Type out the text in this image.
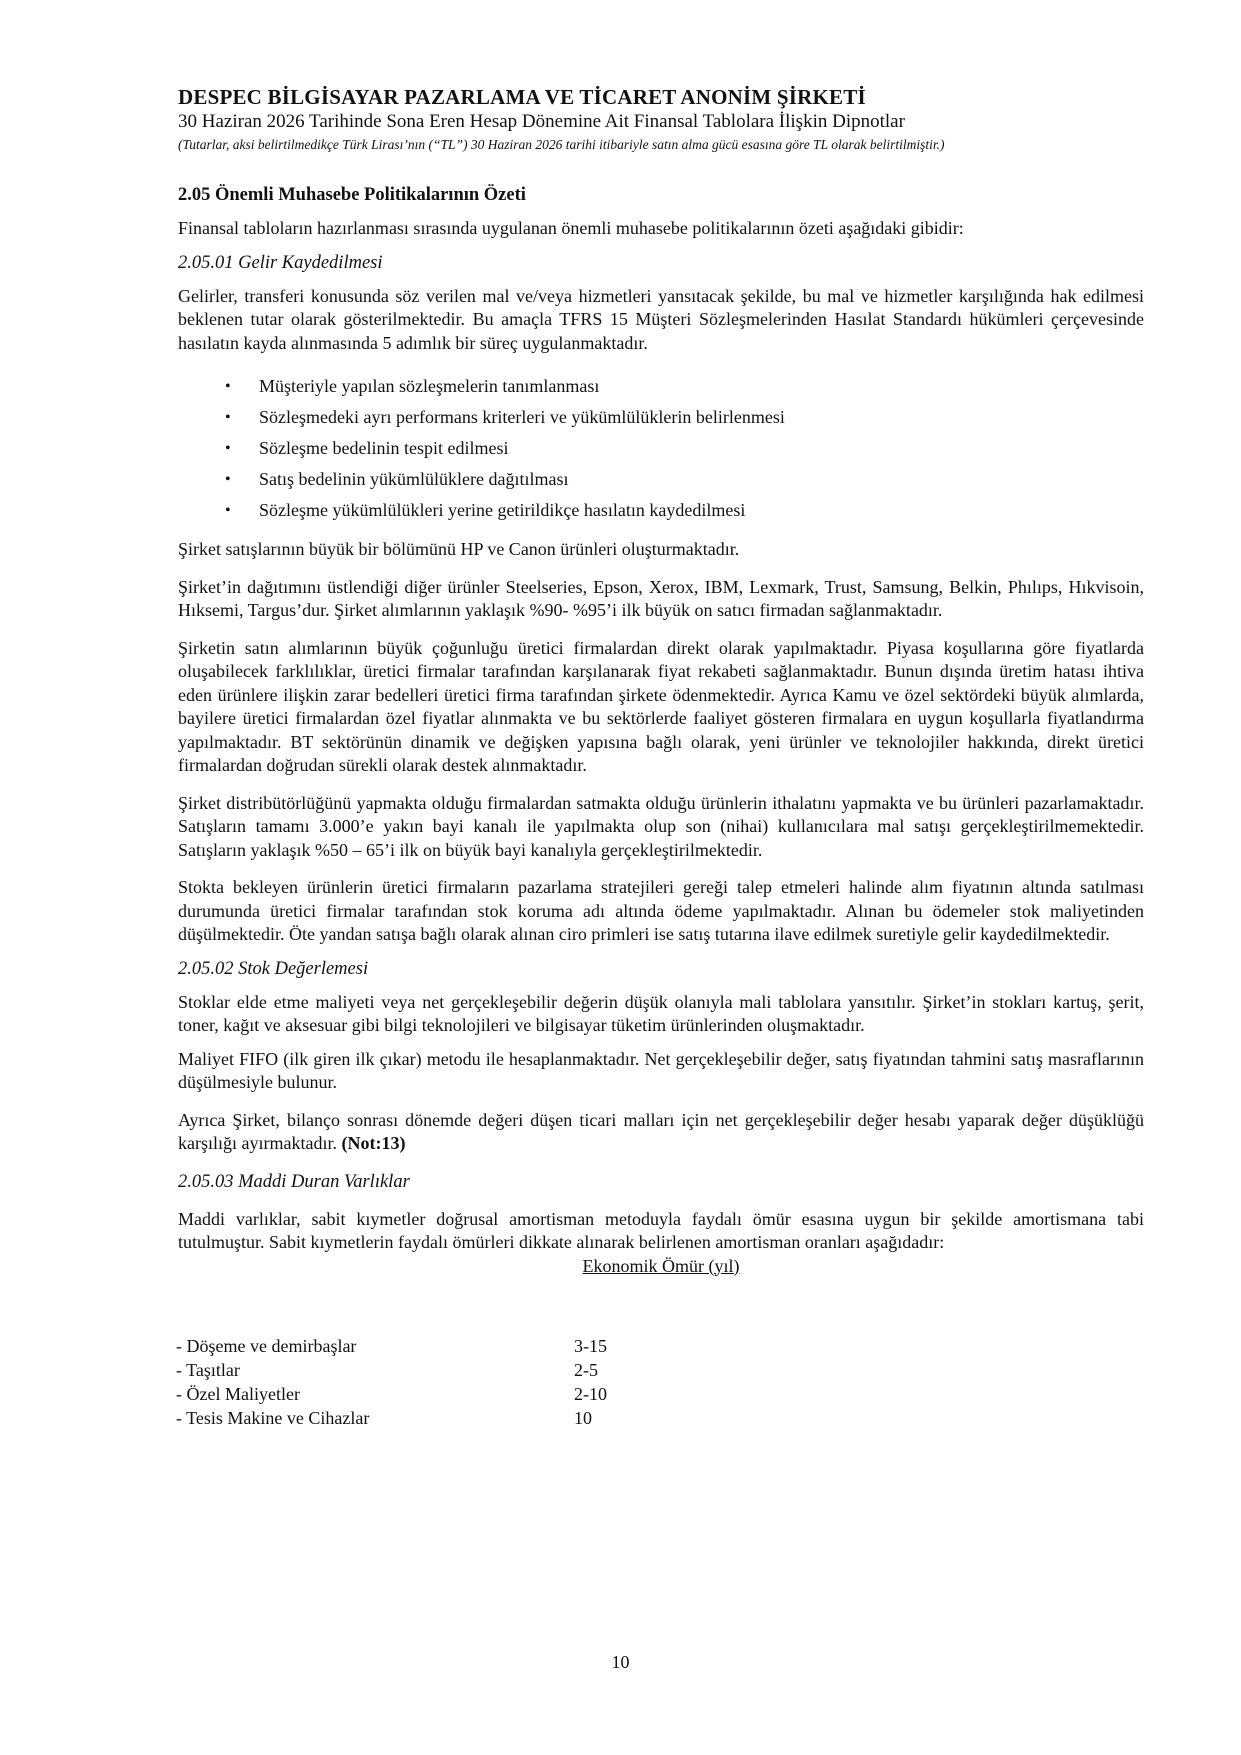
DESPEC BİLGİSAYAR PAZARLAMA VE TİCARET ANONİM ŞİRKETİ
30 Haziran 2026 Tarihinde Sona Eren Hesap Dönemine Ait Finansal Tablolara İlişkin Dipnotlar
(Tutarlar, aksi belirtilmedikçe Türk Lirası’nın (“TL”) 30 Haziran 2026 tarihi itibariyle satın alma gücü esasına göre TL olarak belirtilmiştir.)
2.05 Önemli Muhasebe Politikalarının Özeti

Finansal tabloların hazırlanması sırasında uygulanan önemli muhasebe politikalarının özeti aşağıdaki gibidir:

2.05.01 Gelir Kaydedilmesi

Gelirler, transferi konusunda söz verilen mal ve/veya hizmetleri yansıtacak şekilde, bu mal ve hizmetler karşılığında hak edilmesi beklenen tutar olarak gösterilmektedir. Bu amaçla TFRS 15 Müşteri Sözleşmelerinden Hasılat Standardı hükümleri çerçevesinde hasılatın kayda alınmasında 5 adımlık bir süreç uygulanmaktadır.

• Müşteriyle yapılan sözleşmelerin tanımlanması
• Sözleşmedeki ayrı performans kriterleri ve yükümlülüklerin belirlenmesi
• Sözleşme bedelinin tespit edilmesi
• Satış bedelinin yükümlülüklere dağıtılması
• Sözleşme yükümlülükleri yerine getirildikçe hasılatın kaydedilmesi

Şirket satışlarının büyük bir bölümünü HP ve Canon ürünleri oluşturmaktadır.

Şirket’in dağıtımını üstlendiği diğer ürünler Steelseries, Epson, Xerox, IBM, Lexmark, Trust, Samsung, Belkin, Phılıps, Hıkvisoin, Hıksemi, Targus’dur. Şirket alımlarının yaklaşık %90- %95’i ilk büyük on satıcı firmadan sağlanmaktadır.

Şirketin satın alımlarının büyük çoğunluğu üretici firmalardan direkt olarak yapılmaktadır. Piyasa koşullarına göre fiyatlarda oluşabilecek farklılıklar, üretici firmalar tarafından karşılanarak fiyat rekabeti sağlanmaktadır. Bunun dışında üretim hatası ihtiva eden ürünlere ilişkin zarar bedelleri üretici firma tarafından şirkete ödenmektedir. Ayrıca Kamu ve özel sektördeki büyük alımlarda, bayilere üretici firmalardan özel fiyatlar alınmakta ve bu sektörlerde faaliyet gösteren firmalara en uygun koşullarla fiyatlandırma yapılmaktadır. BT sektörünün dinamik ve değişken yapısına bağlı olarak, yeni ürünler ve teknolojiler hakkında, direkt üretici firmalardan doğrudan sürekli olarak destek alınmaktadır.

Şirket distribütörlüğünü yapmakta olduğu firmalardan satmakta olduğu ürünlerin ithalatını yapmakta ve bu ürünleri pazarlamaktadır. Satışların tamamı 3.000’e yakın bayi kanalı ile yapılmakta olup son (nihai) kullanıcılara mal satışı gerçekleştirilmemektedir. Satışların yaklaşık %50 – 65’i ilk on büyük bayi kanalıyla gerçekleştirilmektedir.

Stokta bekleyen ürünlerin üretici firmaların pazarlama stratejileri gereği talep etmeleri halinde alım fiyatının altında satılması durumunda üretici firmalar tarafından stok koruma adı altında ödeme yapılmaktadır. Alınan bu ödemeler stok maliyetinden düşülmektedir. Öte yandan satışa bağlı olarak alınan ciro primleri ise satış tutarına ilave edilmek suretiyle gelir kaydedilmektedir.

2.05.02 Stok Değerlemesi

Stoklar elde etme maliyeti veya net gerçekleşebilir değerin düşük olanıyla mali tablolara yansıtılır. Şirket’in stokları kartuş, şerit, toner, kağıt ve aksesuar gibi bilgi teknolojileri ve bilgisayar tüketim ürünlerinden oluşmaktadır.

Maliyet FIFO (ilk giren ilk çıkar) metodu ile hesaplanmaktadır. Net gerçekleşebilir değer, satış fiyatından tahmini satış masraflarının düşülmesiyle bulunur.

Ayrıca Şirket, bilanço sonrası dönemde değeri düşen ticari malları için net gerçekleşebilir değer hesabı yaparak değer düşüklüğü karşılığı ayırmaktadır. (Not:13)

2.05.03 Maddi Duran Varlıklar

Maddi varlıklar, sabit kıymetler doğrusal amortisman metoduyla faydalı ömür esasına uygun bir şekilde amortismana tabi tutulmuştur. Sabit kıymetlerin faydalı ömürleri dikkate alınarak belirlenen amortisman oranları aşağıdadır:

Ekonomik Ömür (yıl)
- Döşeme ve demirbaşlar	3-15
- Taşıtlar	2-5
- Özel Maliyetler	2-10
- Tesis Makine ve Cihazlar	10
10
